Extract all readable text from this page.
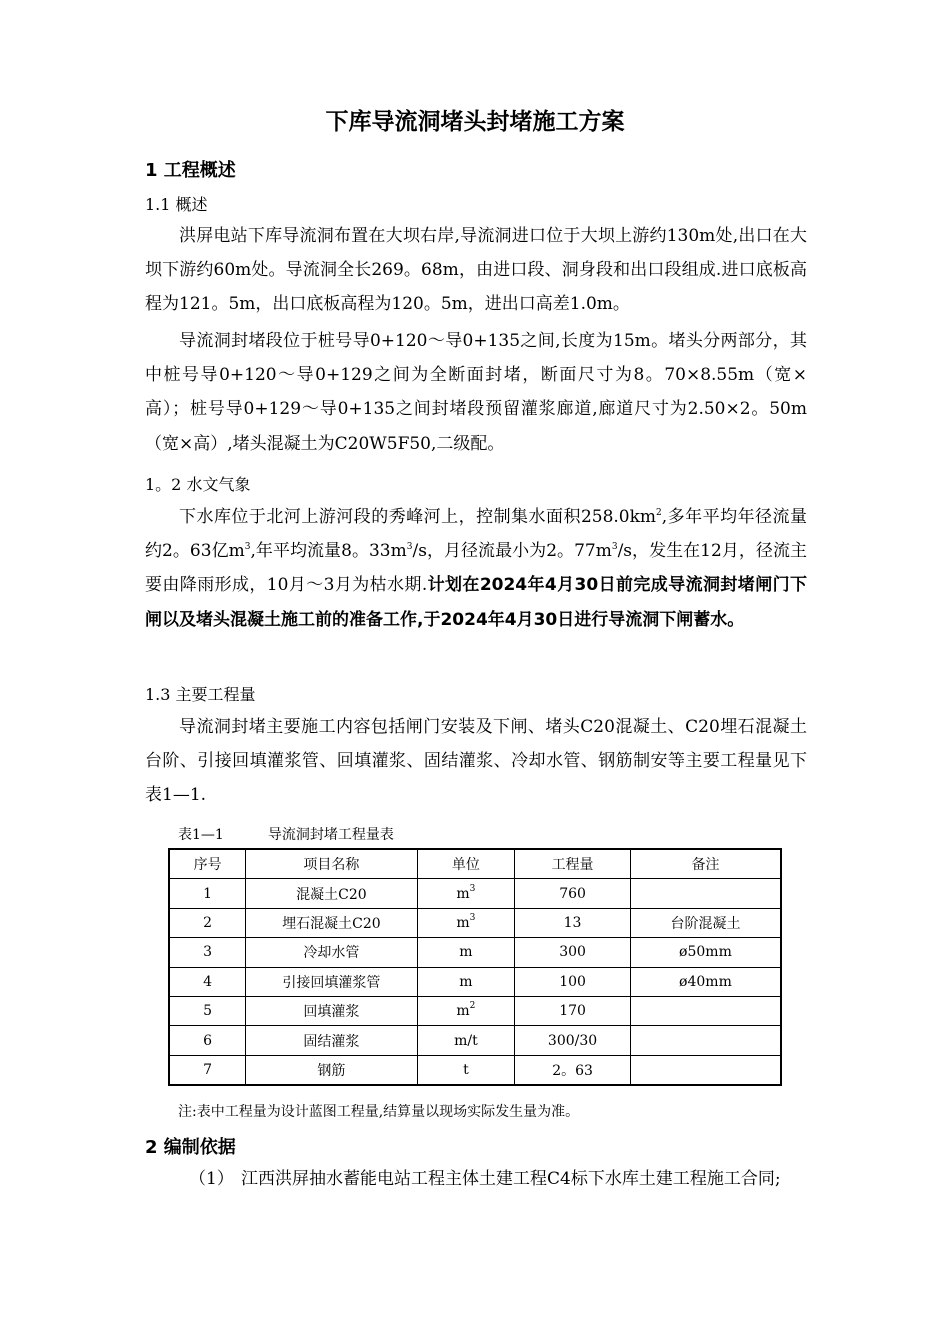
下库导流洞堵头封堵施工方案
1 工程概述
1.1 概述

洪屏电站下库导流洞布置在大坝右岸,导流洞进口位于大坝上游约130m处,出口在大坝下游约60m处。导流洞全长269。68m，由进口段、洞身段和出口段组成.进口底板高程为121。5m，出口底板高程为120。5m，进出口高差1.0m。

导流洞封堵段位于桩号导0+120～导0+135之间,长度为15m。堵头分两部分，其中桩号导0+120～导0+129之间为全断面封堵，断面尺寸为8。70×8.55m（宽×高）；桩号导0+129～导0+135之间封堵段预留灌浆廊道,廊道尺寸为2.50×2。50m（宽×高）,堵头混凝土为C20W5F50,二级配。

1。2 水文气象

下水库位于北河上游河段的秀峰河上，控制集水面积$258.0km^2$,多年平均年径流量约2。63亿$m^3$,年平均流量8。$33m^3/s$，月径流最小为2。$77m^3/s$，发生在12月，径流主要由降雨形成，10月～3月为枯水期.计划在2024年4月30日前完成导流洞封堵闸门下闸以及堵头混凝土施工前的准备工作,于2024年4月30日进行导流洞下闸蓄水。

1.3 主要工程量

导流洞封堵主要施工内容包括闸门安装及下闸、堵头C20混凝土、C20埋石混凝土台阶、引接回填灌浆管、回填灌浆、固结灌浆、冷却水管、钢筋制安等主要工程量见下表1—1.

表1—1	导流洞封堵工程量表
序号	项目名称	单位	工程量	备注
1	混凝土C20	$m^3$	760	
2	埋石混凝土C20	$m^3$	13	台阶混凝土
3	冷却水管	m	300	ø50mm
4	引接回填灌浆管	m	100	ø40mm
5	回填灌浆	$m^2$	170	
6	固结灌浆	m/t	300/30	
7	钢筋	t	2。63	
注:表中工程量为设计蓝图工程量,结算量以现场实际发生量为准。
2 编制依据

（1） 江西洪屏抽水蓄能电站工程主体土建工程C4标下水库土建工程施工合同;
